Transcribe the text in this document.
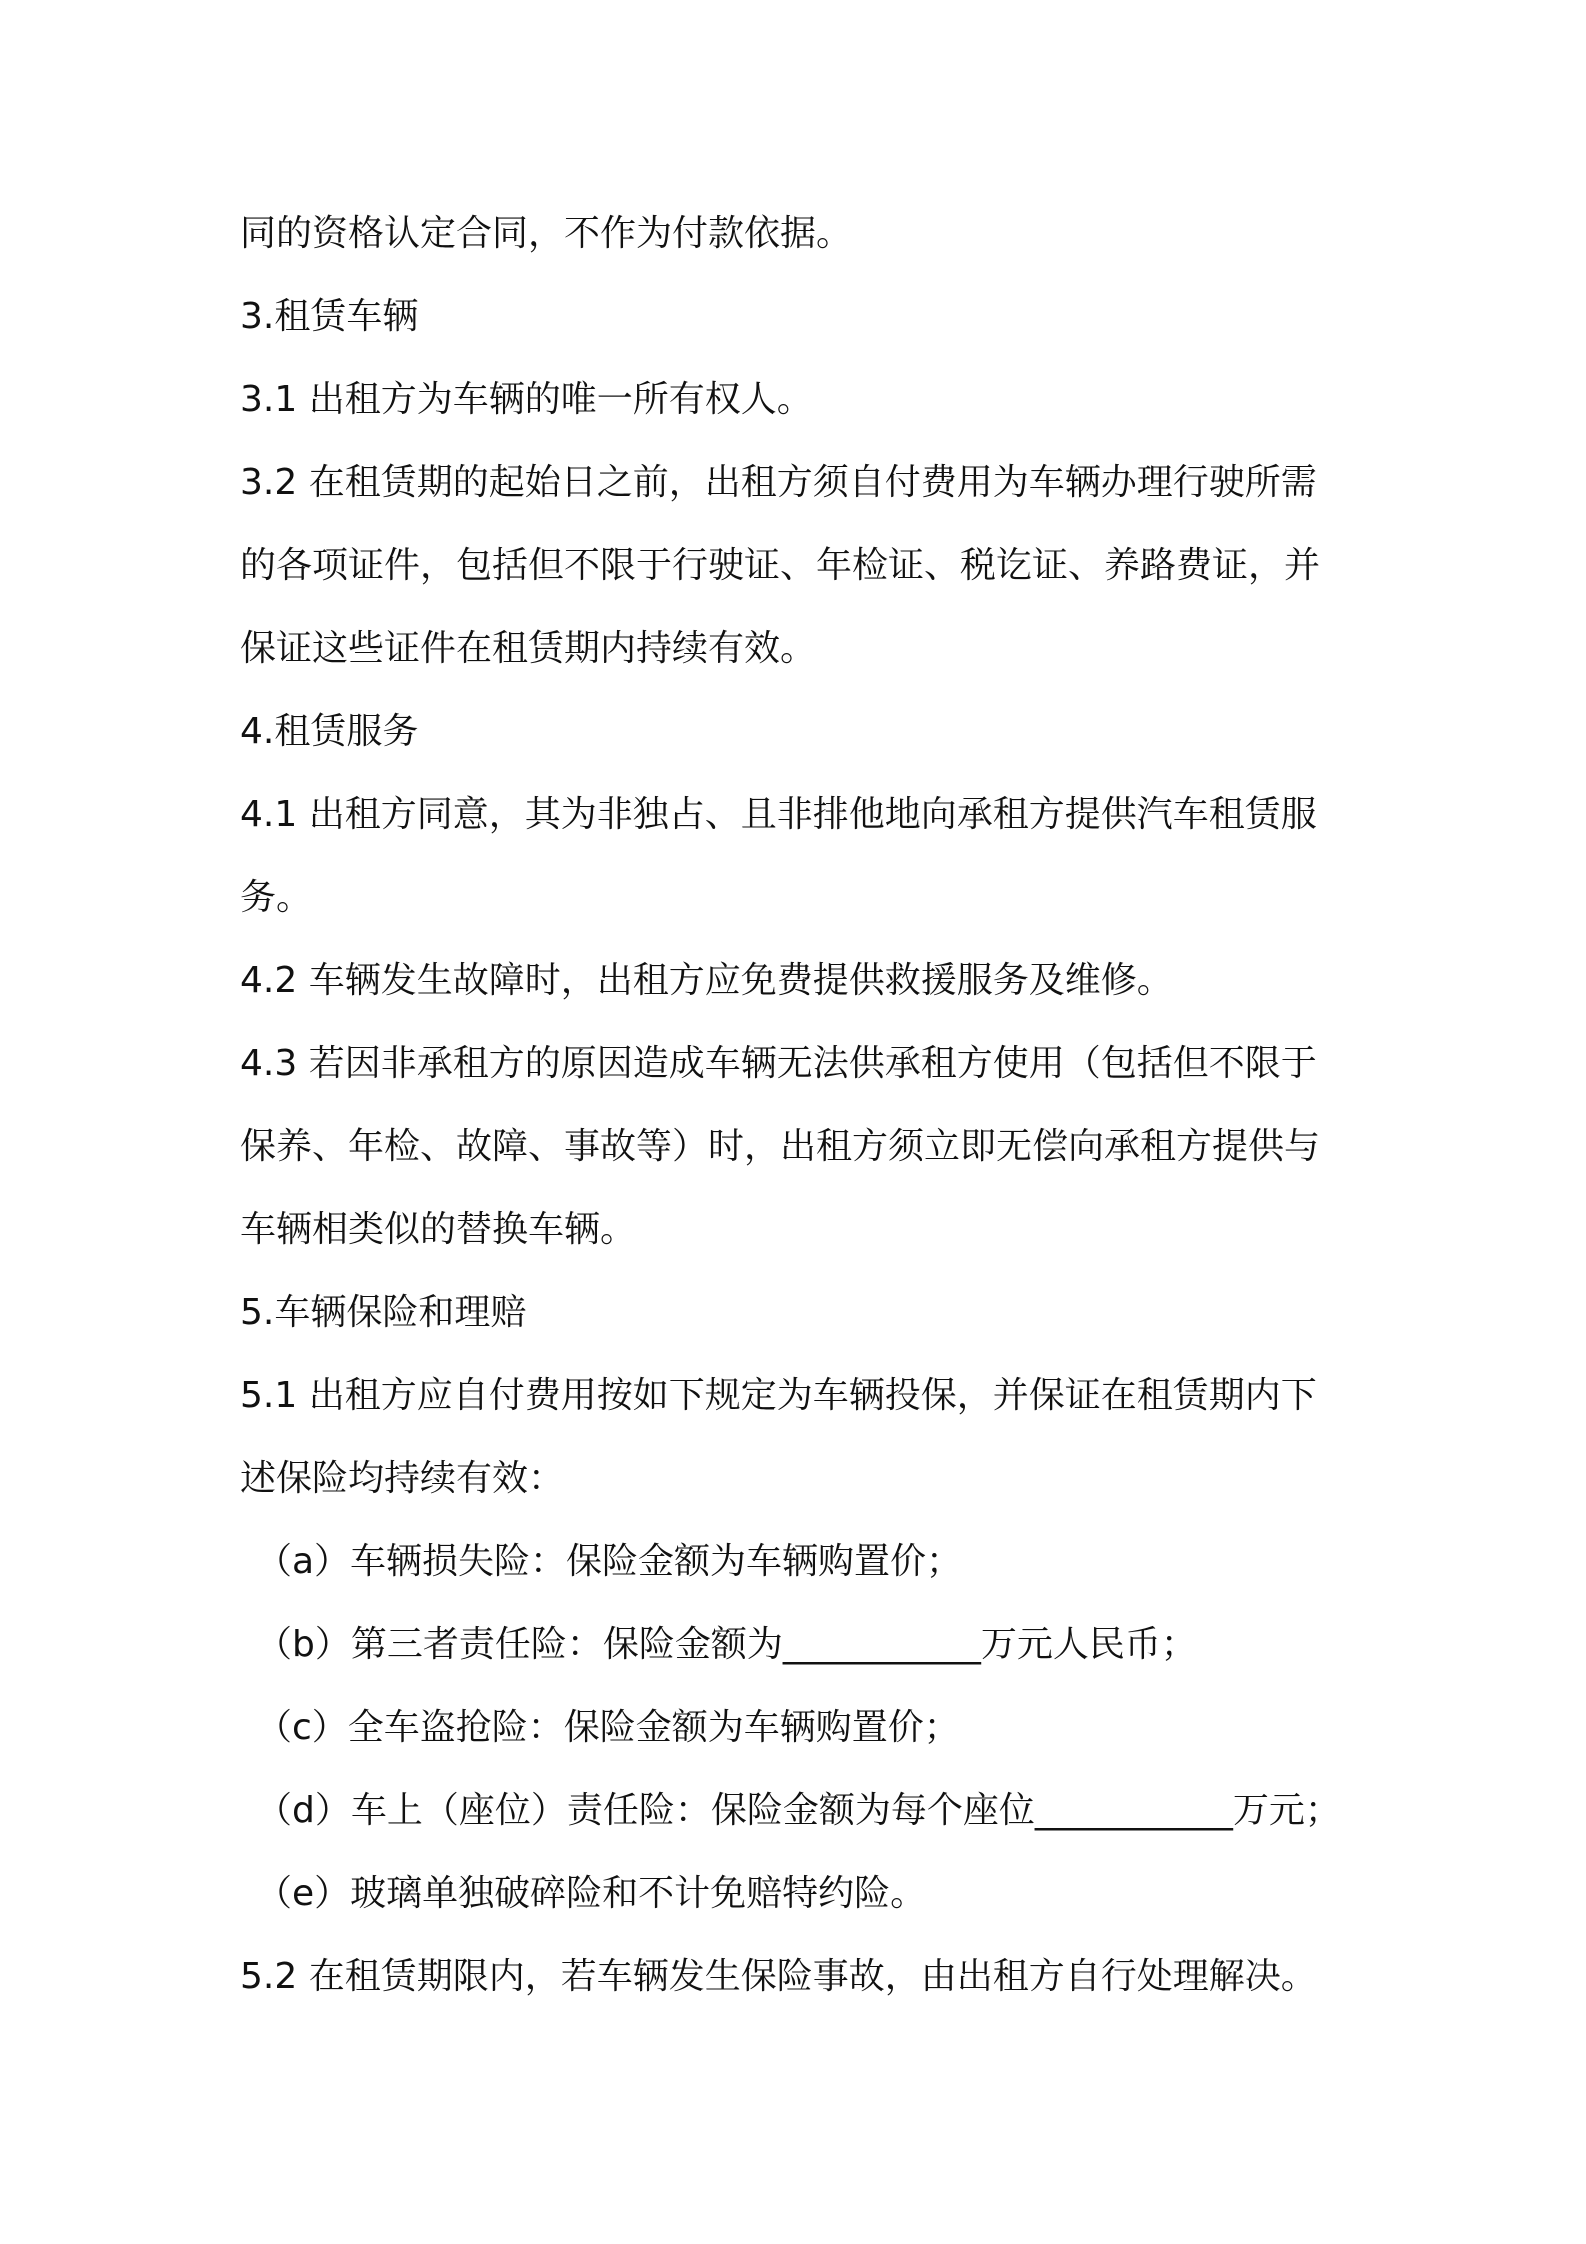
同的资格认定合同，不作为付款依据。
3.租赁车辆
3.1 出租方为车辆的唯一所有权人。
3.2 在租赁期的起始日之前，出租方须自付费用为车辆办理行驶所需
的各项证件，包括但不限于行驶证、年检证、税讫证、养路费证，并
保证这些证件在租赁期内持续有效。
4.租赁服务
4.1 出租方同意，其为非独占、且非排他地向承租方提供汽车租赁服
务。
4.2 车辆发生故障时，出租方应免费提供救援服务及维修。
4.3 若因非承租方的原因造成车辆无法供承租方使用（包括但不限于
保养、年检、故障、事故等）时，出租方须立即无偿向承租方提供与
车辆相类似的替换车辆。
5.车辆保险和理赔
5.1 出租方应自付费用按如下规定为车辆投保，并保证在租赁期内下
述保险均持续有效：
（a）车辆损失险：保险金额为车辆购置价；
（b）第三者责任险：保险金额为___________万元人民币；
（c）全车盗抢险：保险金额为车辆购置价；
（d）车上（座位）责任险：保险金额为每个座位___________万元；
（e）玻璃单独破碎险和不计免赔特约险。
5.2 在租赁期限内，若车辆发生保险事故，由出租方自行处理解决。
